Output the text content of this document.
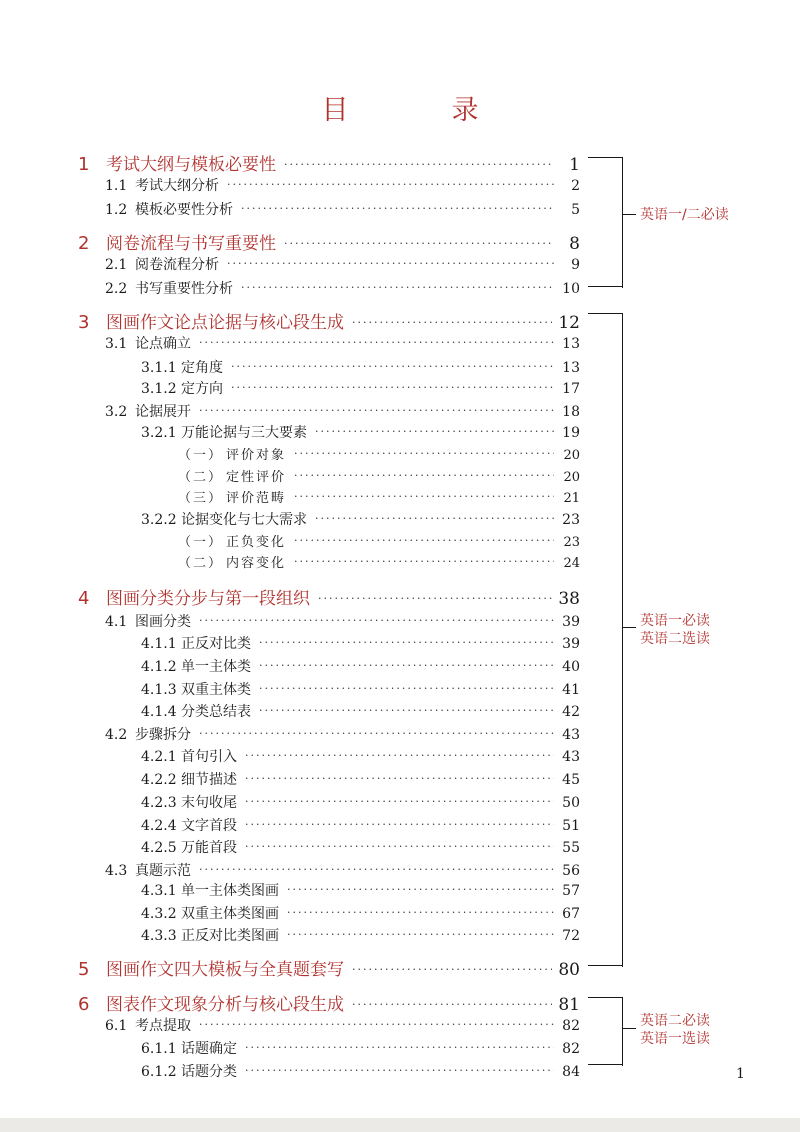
目　录
1 考试大纲与模板必要性 ·····	1
1.1 考试大纲分析 ·····	2
1.2 模板必要性分析 ·····	5
2 阅卷流程与书写重要性 ·····	8
2.1 阅卷流程分析 ·····	9
2.2 书写重要性分析 ·····	10
3 图画作文论点论据与核心段生成 ·····	12
3.1 论点确立 ·····	13
3.1.1 定角度 ·····	13
3.1.2 定方向 ·····	17
3.2 论据展开 ·····	18
3.2.1 万能论据与三大要素 ·····	19
（一） 评价对象 ·····	20
（二） 定性评价 ·····	20
（三） 评价范畴 ·····	21
3.2.2 论据变化与七大需求 ·····	23
（一） 正负变化 ·····	23
（二） 内容变化 ·····	24
4 图画分类分步与第一段组织 ·····	38
4.1 图画分类 ·····	39
4.1.1 正反对比类 ·····	39
4.1.2 单一主体类 ·····	40
4.1.3 双重主体类 ·····	41
4.1.4 分类总结表 ·····	42
4.2 步骤拆分 ·····	43
4.2.1 首句引入 ·····	43
4.2.2 细节描述 ·····	45
4.2.3 末句收尾 ·····	50
4.2.4 文字首段 ·····	51
4.2.5 万能首段 ·····	55
4.3 真题示范 ·····	56
4.3.1 单一主体类图画 ·····	57
4.3.2 双重主体类图画 ·····	67
4.3.3 正反对比类图画 ·····	72
5 图画作文四大模板与全真题套写 ·····	80
6 图表作文现象分析与核心段生成 ·····	81
6.1 考点提取 ·····	82
6.1.1 话题确定 ·····	82
6.1.2 话题分类 ·····	84
英语一/二必读
英语一必读
英语二选读
英语二必读
英语一选读
1
